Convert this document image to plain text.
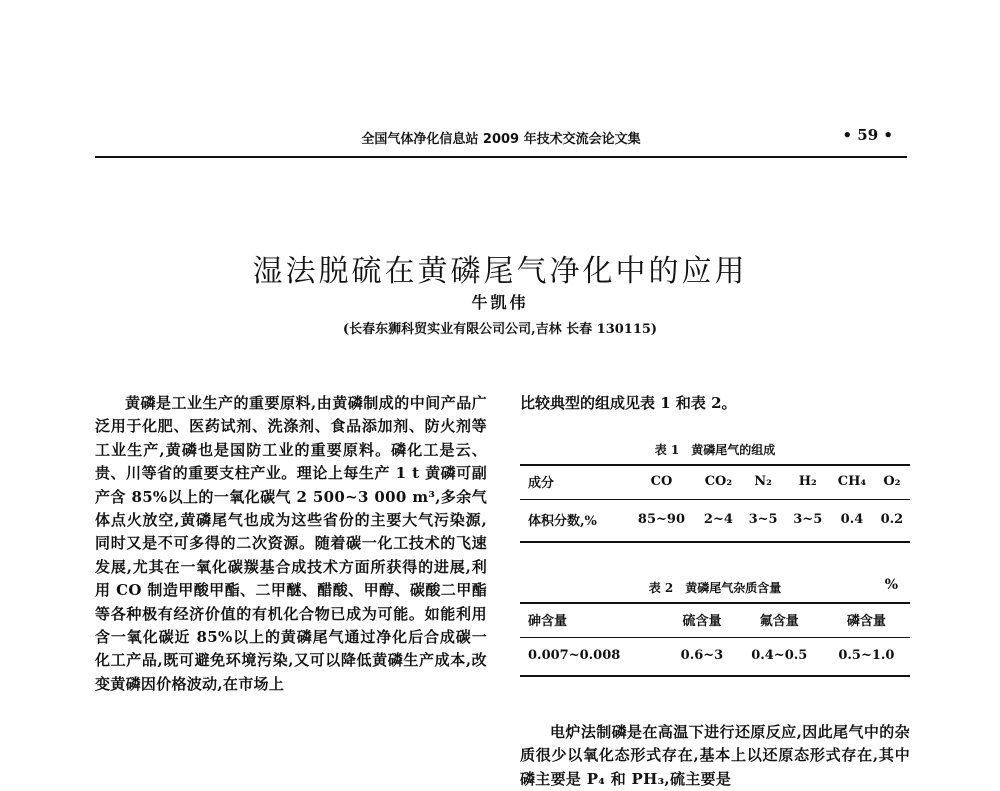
全国气体净化信息站 2009 年技术交流会论文集	• 59 •
湿法脱硫在黄磷尾气净化中的应用
牛凯伟
(长春东狮科贸实业有限公司公司,吉林 长春 130115)

黄磷是工业生产的重要原料,由黄磷制成的中间产品广泛用于化肥、医药试剂、洗涤剂、食品添加剂、防火剂等工业生产,黄磷也是国防工业的重要原料。磷化工是云、贵、川等省的重要支柱产业。理论上每生产 1 t 黄磷可副产含 85%以上的一氧化碳气 2 500~3 000 m³,多余气体点火放空,黄磷尾气也成为这些省份的主要大气污染源,同时又是不可多得的二次资源。随着碳一化工技术的飞速发展,尤其在一氧化碳羰基合成技术方面所获得的进展,利用 CO 制造甲酸甲酯、二甲醚、醋酸、甲醇、碳酸二甲酯等各种极有经济价值的有机化合物已成为可能。如能利用含一氧化碳近 85%以上的黄磷尾气通过净化后合成碳一化工产品,既可避免环境污染,又可以降低黄磷生产成本,改变黄磷因价格波动,在市场上

比较典型的组成见表 1 和表 2。

表 1　黄磷尾气的组成
成分	CO	CO₂	N₂	H₂	CH₄	O₂
体积分数,%	85~90	2~4	3~5	3~5	0.4	0.2
表 2　黄磷尾气杂质含量	%
砷含量	硫含量	氟含量	磷含量
0.007~0.008	0.6~3	0.4~0.5	0.5~1.0

电炉法制磷是在高温下进行还原反应,因此尾气中的杂质很少以氧化态形式存在,基本上以还原态形式存在,其中磷主要是 P₄ 和 PH₃,硫主要是
